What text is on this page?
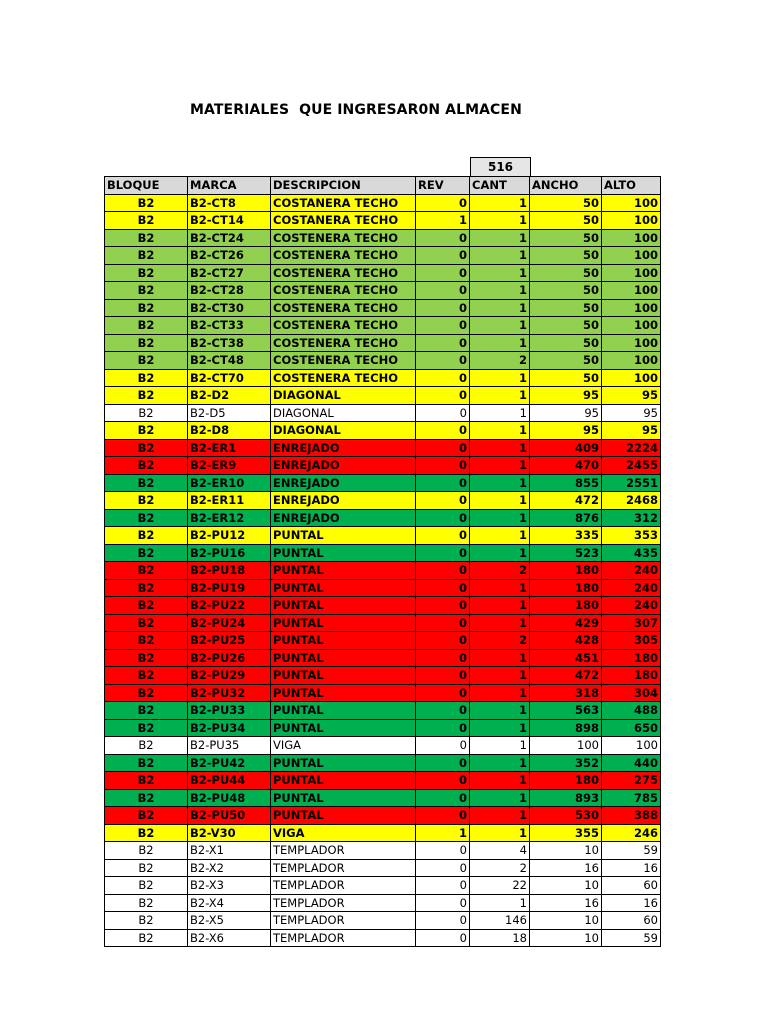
MATERIALES  QUE INGRESAR0N ALMACEN
516
BLOQUE	MARCA	DESCRIPCION	REV	CANT	ANCHO	ALTO
B2	B2-CT8	COSTANERA TECHO	0	1	50	100
B2	B2-CT14	COSTANERA TECHO	1	1	50	100
B2	B2-CT24	COSTENERA TECHO	0	1	50	100
B2	B2-CT26	COSTENERA TECHO	0	1	50	100
B2	B2-CT27	COSTENERA TECHO	0	1	50	100
B2	B2-CT28	COSTENERA TECHO	0	1	50	100
B2	B2-CT30	COSTENERA TECHO	0	1	50	100
B2	B2-CT33	COSTENERA TECHO	0	1	50	100
B2	B2-CT38	COSTENERA TECHO	0	1	50	100
B2	B2-CT48	COSTENERA TECHO	0	2	50	100
B2	B2-CT70	COSTENERA TECHO	0	1	50	100
B2	B2-D2	DIAGONAL	0	1	95	95
B2	B2-D5	DIAGONAL	0	1	95	95
B2	B2-D8	DIAGONAL	0	1	95	95
B2	B2-ER1	ENREJADO	0	1	409	2224
B2	B2-ER9	ENREJADO	0	1	470	2455
B2	B2-ER10	ENREJADO	0	1	855	2551
B2	B2-ER11	ENREJADO	0	1	472	2468
B2	B2-ER12	ENREJADO	0	1	876	312
B2	B2-PU12	PUNTAL	0	1	335	353
B2	B2-PU16	PUNTAL	0	1	523	435
B2	B2-PU18	PUNTAL	0	2	180	240
B2	B2-PU19	PUNTAL	0	1	180	240
B2	B2-PU22	PUNTAL	0	1	180	240
B2	B2-PU24	PUNTAL	0	1	429	307
B2	B2-PU25	PUNTAL	0	2	428	305
B2	B2-PU26	PUNTAL	0	1	451	180
B2	B2-PU29	PUNTAL	0	1	472	180
B2	B2-PU32	PUNTAL	0	1	318	304
B2	B2-PU33	PUNTAL	0	1	563	488
B2	B2-PU34	PUNTAL	0	1	898	650
B2	B2-PU35	VIGA	0	1	100	100
B2	B2-PU42	PUNTAL	0	1	352	440
B2	B2-PU44	PUNTAL	0	1	180	275
B2	B2-PU48	PUNTAL	0	1	893	785
B2	B2-PU50	PUNTAL	0	1	530	388
B2	B2-V30	VIGA	1	1	355	246
B2	B2-X1	TEMPLADOR	0	4	10	59
B2	B2-X2	TEMPLADOR	0	2	16	16
B2	B2-X3	TEMPLADOR	0	22	10	60
B2	B2-X4	TEMPLADOR	0	1	16	16
B2	B2-X5	TEMPLADOR	0	146	10	60
B2	B2-X6	TEMPLADOR	0	18	10	59
